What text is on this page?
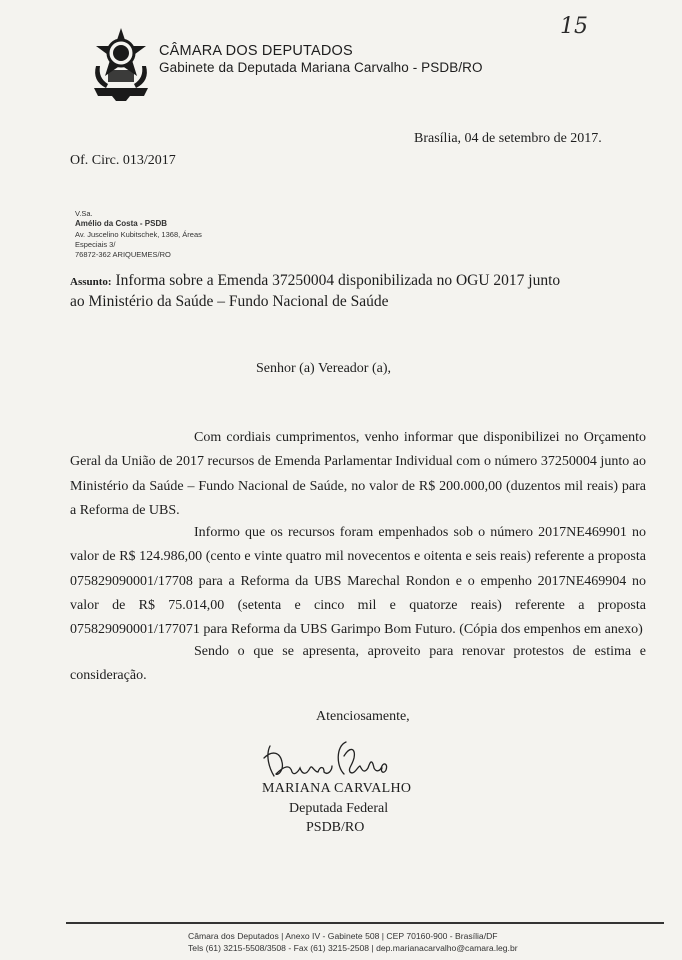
15
CÂMARA DOS DEPUTADOS
Gabinete da Deputada Mariana Carvalho - PSDB/RO
Brasília, 04 de setembro de 2017.
Of. Circ. 013/2017
V.Sa.
Amélio da Costa - PSDB
Av. Juscelino Kubitschek, 1368, Áreas
Especiais 3/
76872-362 ARIQUEMES/RO
Assunto: Informa sobre a Emenda 37250004 disponibilizada no OGU 2017 junto
ao Ministério da Saúde – Fundo Nacional de Saúde
Senhor (a) Vereador (a),
Com cordiais cumprimentos, venho informar que disponibilizei no Orçamento Geral da União de 2017 recursos de Emenda Parlamentar Individual com o número 37250004 junto ao Ministério da Saúde – Fundo Nacional de Saúde, no valor de R$ 200.000,00 (duzentos mil reais) para a Reforma de UBS.
Informo que os recursos foram empenhados sob o número 2017NE469901 no valor de R$ 124.986,00 (cento e vinte quatro mil novecentos e oitenta e seis reais) referente a proposta 075829090001/17708 para a Reforma da UBS Marechal Rondon e o empenho 2017NE469904 no valor de R$ 75.014,00 (setenta e cinco mil e quatorze reais) referente a proposta 075829090001/177071 para Reforma da UBS Garimpo Bom Futuro. (Cópia dos empenhos em anexo)
Sendo o que se apresenta, aproveito para renovar protestos de estima e consideração.
Atenciosamente,
MARIANA CARVALHO
Deputada Federal
PSDB/RO
Câmara dos Deputados | Anexo IV - Gabinete 508 | CEP 70160-900 - Brasília/DF
Tels (61) 3215-5508/3508 - Fax (61) 3215-2508 | dep.marianacarvalho@camara.leg.br
